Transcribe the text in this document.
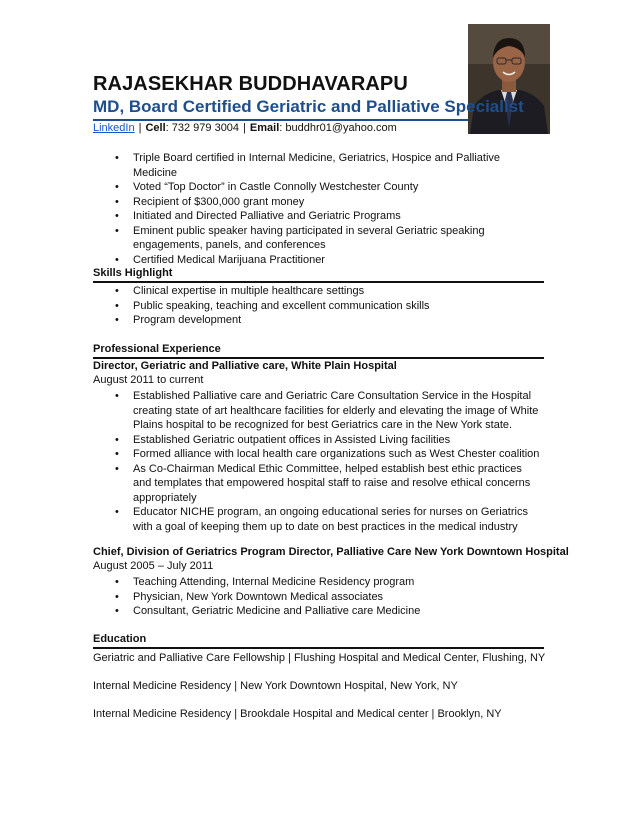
RAJASEKHAR BUDDHAVARAPU
MD, Board Certified Geriatric and Palliative Specialist
LinkedIn | Cell: 732 979 3004 | Email: buddhr01@yahoo.com
• Triple Board certified in Internal Medicine, Geriatrics, Hospice and Palliative Medicine
• Voted “Top Doctor” in Castle Connolly Westchester County
• Recipient of $300,000 grant money
• Initiated and Directed Palliative and Geriatric Programs
• Eminent public speaker having participated in several Geriatric speaking engagements, panels, and conferences
• Certified Medical Marijuana Practitioner
Skills Highlight
• Clinical expertise in multiple healthcare settings
• Public speaking, teaching and excellent communication skills
• Program development
Professional Experience
Director, Geriatric and Palliative care, White Plain Hospital
August 2011 to current
• Established Palliative care and Geriatric Care Consultation Service in the Hospital creating state of art healthcare facilities for elderly and elevating the image of White Plains hospital to be recognized for best Geriatrics care in the New York state.
• Established Geriatric outpatient offices in Assisted Living facilities
• Formed alliance with local health care organizations such as West Chester coalition
• As Co-Chairman Medical Ethic Committee, helped establish best ethic practices and templates that empowered hospital staff to raise and resolve ethical concerns appropriately
• Educator NICHE program, an ongoing educational series for nurses on Geriatrics with a goal of keeping them up to date on best practices in the medical industry
Chief, Division of Geriatrics Program Director, Palliative Care New York Downtown Hospital
August 2005 – July 2011
• Teaching Attending, Internal Medicine Residency program
• Physician, New York Downtown Medical associates
• Consultant, Geriatric Medicine and Palliative care Medicine
Education
Geriatric and Palliative Care Fellowship | Flushing Hospital and Medical Center, Flushing, NY
Internal Medicine Residency | New York Downtown Hospital, New York, NY
Internal Medicine Residency | Brookdale Hospital and Medical center | Brooklyn, NY
